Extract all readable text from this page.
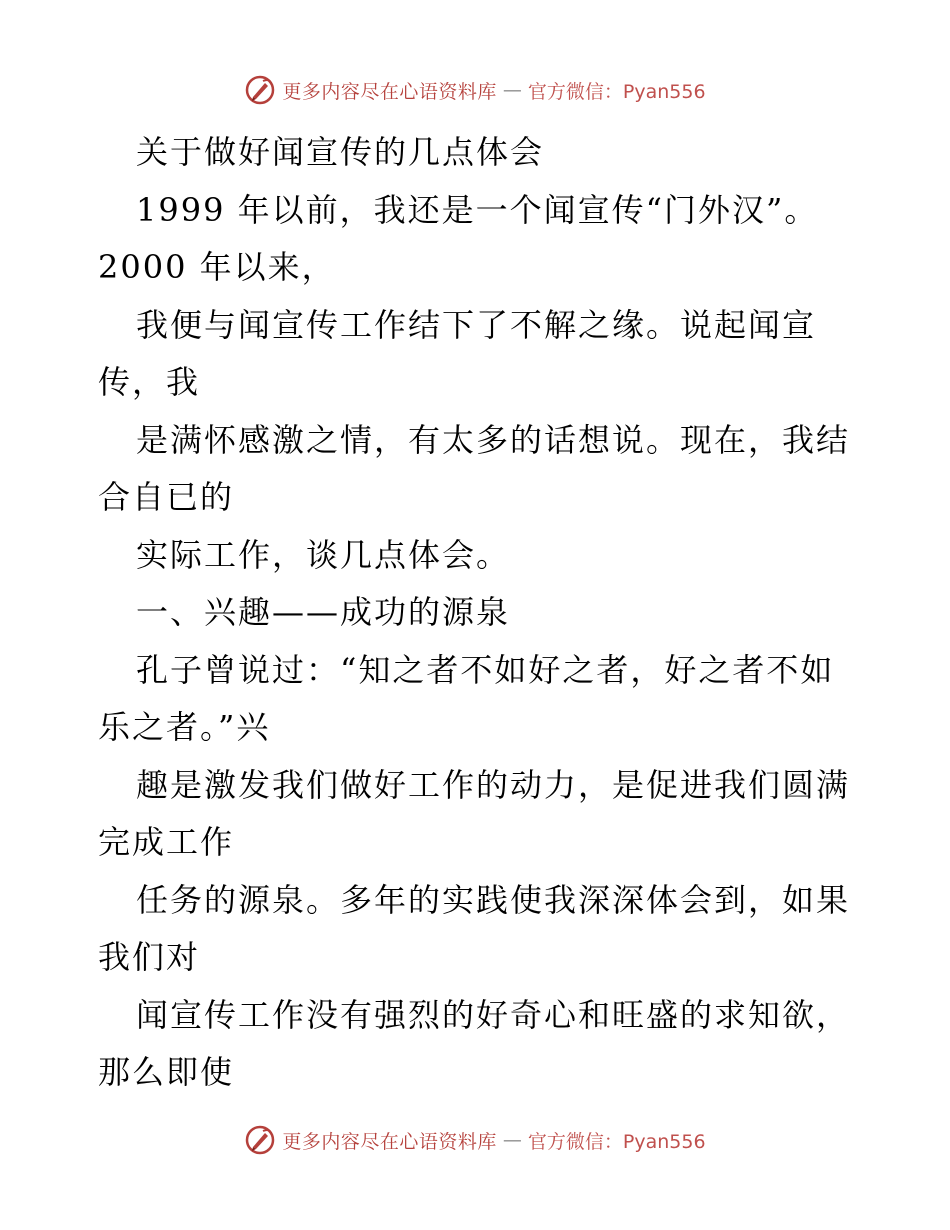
更多内容尽在心语资料库 — 官方微信：Pyan556
关于做好闻宣传的几点体会
1999 年以前，我还是一个闻宣传“门外汉”。
2000 年以来，
我便与闻宣传工作结下了不解之缘。说起闻宣
传，我
是满怀感激之情，有太多的话想说。现在，我结
合自已的
实际工作，谈几点体会。
一、兴趣——成功的源泉
孔子曾说过：“知之者不如好之者，好之者不如
乐之者。”兴
趣是激发我们做好工作的动力，是促进我们圆满
完成工作
任务的源泉。多年的实践使我深深体会到，如果
我们对
闻宣传工作没有强烈的好奇心和旺盛的求知欲，
那么即使
更多内容尽在心语资料库 — 官方微信：Pyan556
